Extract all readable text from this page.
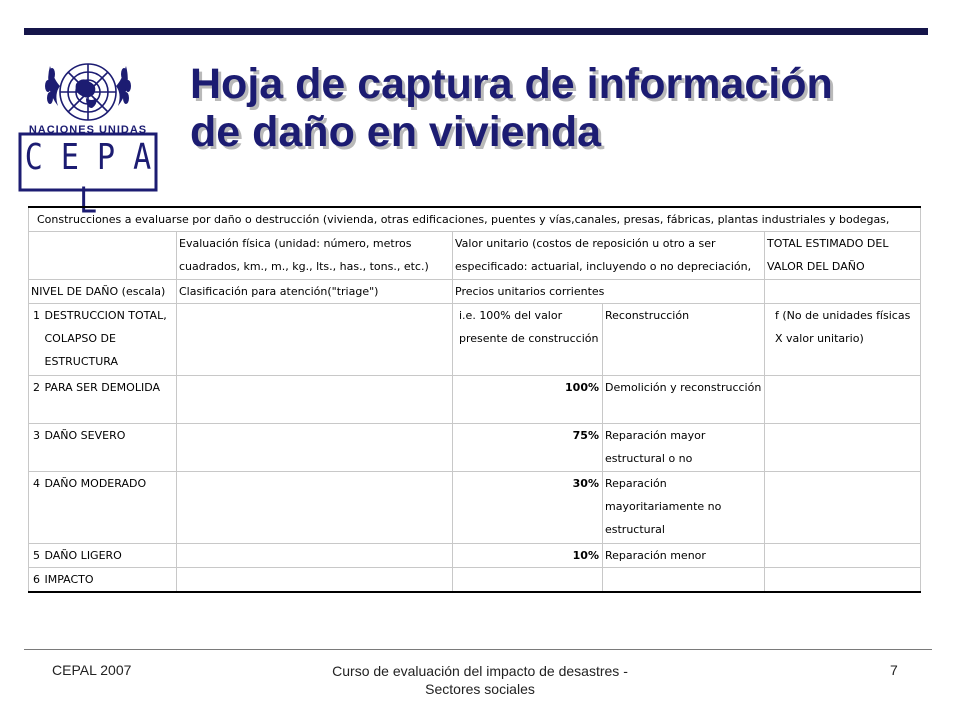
NACIONES UNIDAS
C E P A L
Hoja de captura de información
de daño en vivienda
Construcciones a evaluarse por daño o destrucción (vivienda, otras edificaciones, puentes y vías,canales, presas, fábricas, plantas industriales y bodegas,					
		Evaluación física (unidad: número, metros cuadrados, km., m., kg., lts., has., tons., etc.)	Valor unitario (costos de reposición u otro a ser especificado: actuarial, incluyendo o no depreciación,		TOTAL ESTIMADO DEL VALOR DEL DAÑO
NIVEL DE DAÑO (escala)		Clasificación para atención("triage")	Precios unitarios corrientes		
1	DESTRUCCION TOTAL, COLAPSO DE ESTRUCTURA		i.e. 100% del valor presente de construcción	Reconstrucción	f (No de unidades físicas X valor unitario)
2	PARA SER DEMOLIDA		100%	Demolición y reconstrucción	
3	DAÑO SEVERO		75%	Reparación mayor estructural o no	
4	DAÑO MODERADO		30%	Reparación mayoritariamente no estructural	
5	DAÑO LIGERO		10%	Reparación menor	
6	IMPACTO				
CEPAL 2007	Curso de evaluación del impacto de desastres - Sectores sociales
7
